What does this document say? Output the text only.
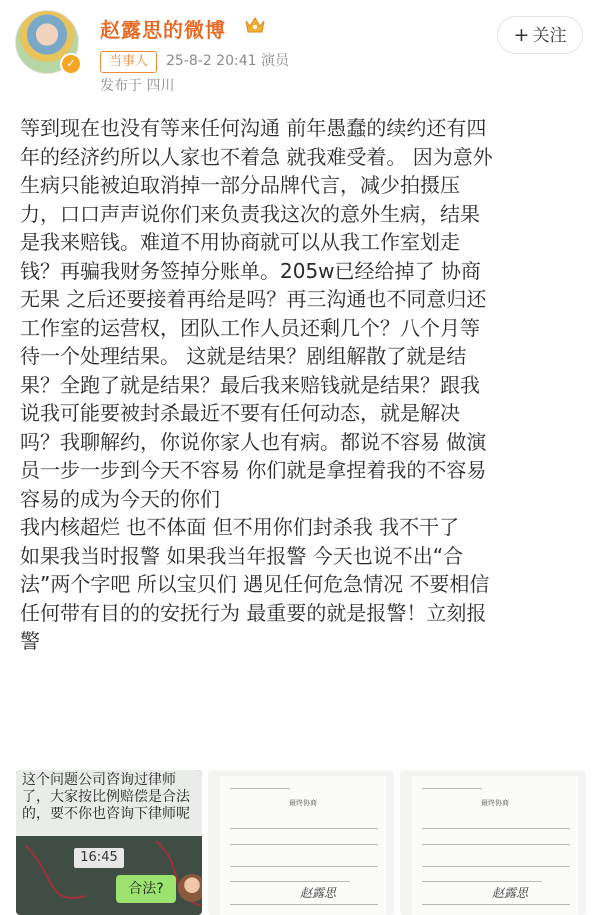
✓
赵露思的微博
当事人	25-8-2 20:41 演员
发布于 四川
+ 关注
等到现在也没有等来任何沟通 前年愚蠢的续约还有四
年的经济约所以人家也不着急 就我难受着。 因为意外
生病只能被迫取消掉一部分品牌代言，减少拍摄压
力，口口声声说你们来负责我这次的意外生病，结果
是我来赔钱。难道不用协商就可以从我工作室划走
钱？再骗我财务签掉分账单。205w已经给掉了 协商
无果 之后还要接着再给是吗？再三沟通也不同意归还
工作室的运营权，团队工作人员还剩几个？八个月等
待一个处理结果。 这就是结果？剧组解散了就是结
果？全跑了就是结果？最后我来赔钱就是结果？跟我
说我可能要被封杀最近不要有任何动态，就是解决
吗？我聊解约，你说你家人也有病。都说不容易 做演
员一步一步到今天不容易 你们就是拿捏着我的不容易
容易的成为今天的你们
我内核超烂 也不体面 但不用你们封杀我 我不干了
如果我当时报警 如果我当年报警 今天也说不出“合
法”两个字吧 所以宝贝们 遇见任何危急情况 不要相信
任何带有目的的安抚行为 最重要的就是报警！立刻报
警
这个问题公司咨询过律师了，大家按比例赔偿是合法的，要不你也咨询下律师呢
16:45
合法?
最终协商
赵露思
最终协商
赵露思
